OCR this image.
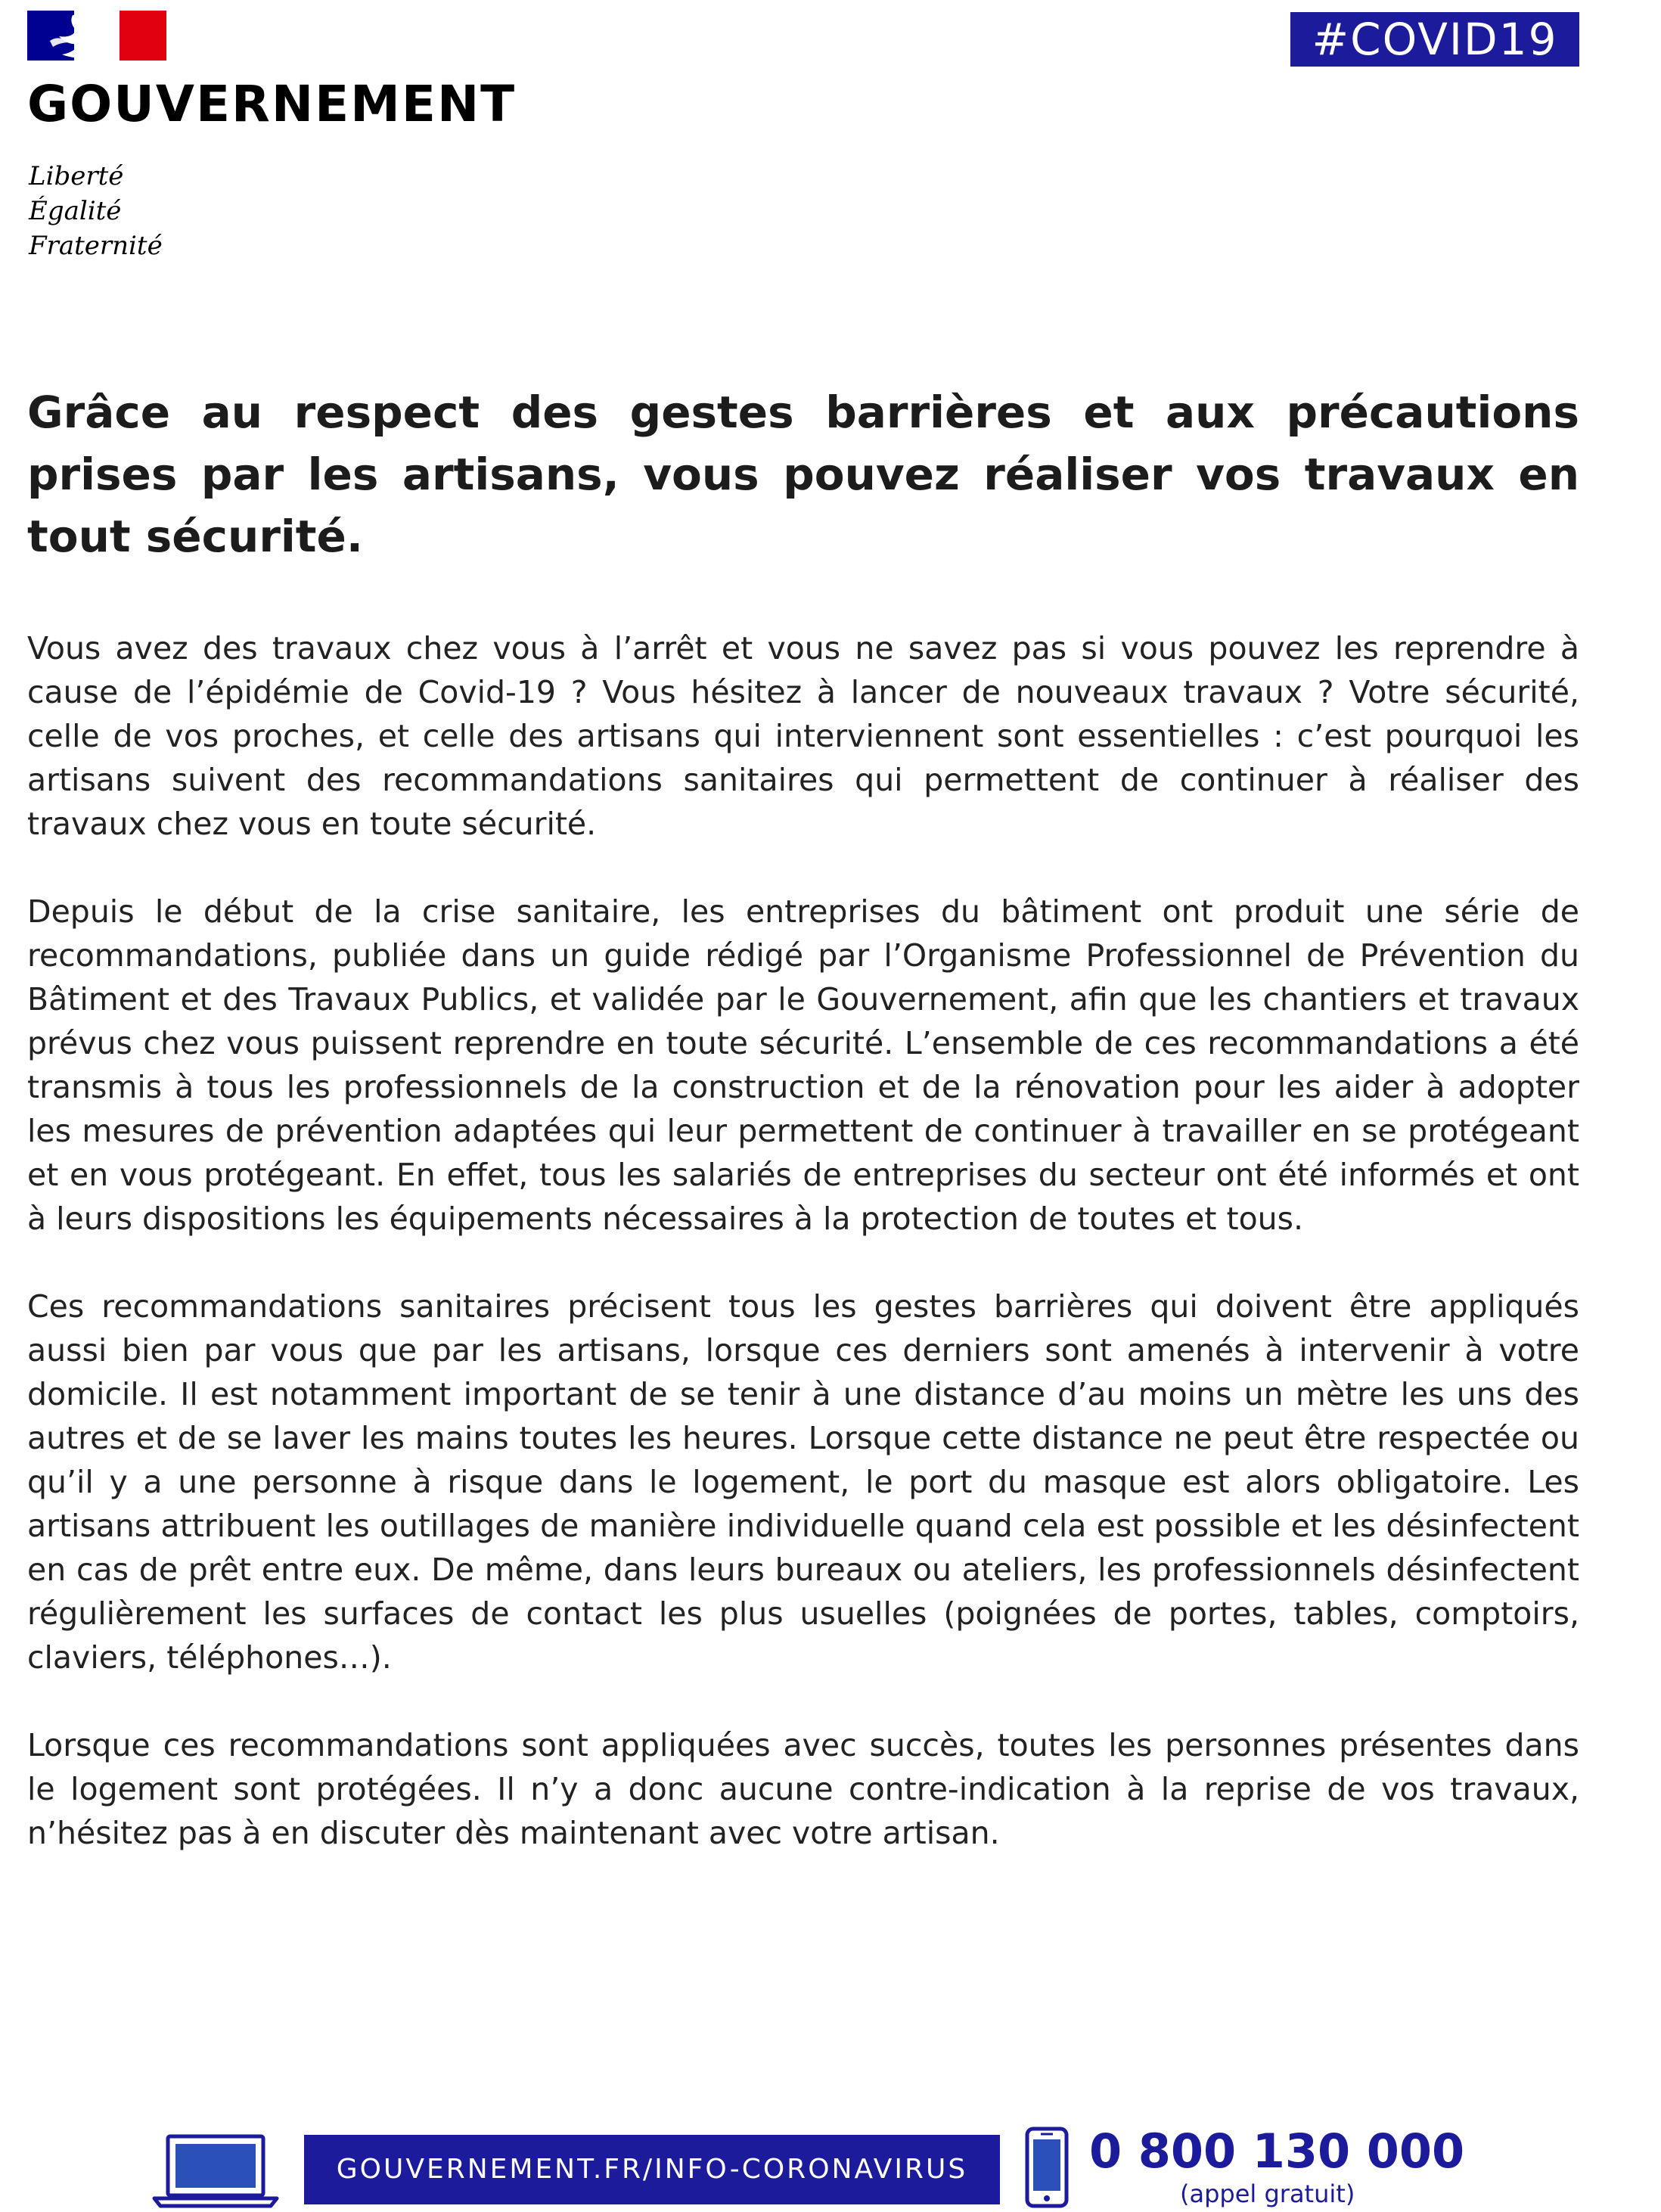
GOUVERNEMENT
Liberté
Égalité
Fraternité
#COVID19
Grâce au respect des gestes barrières et aux précautions prises par les artisans, vous pouvez réaliser vos travaux en tout sécurité.

Vous avez des travaux chez vous à l’arrêt et vous ne savez pas si vous pouvez les reprendre à cause de l’épidémie de Covid-19 ? Vous hésitez à lancer de nouveaux travaux ? Votre sécurité, celle de vos proches, et celle des artisans qui interviennent sont essentielles : c’est pourquoi les artisans suivent des recommandations sanitaires qui permettent de continuer à réaliser des travaux chez vous en toute sécurité.

Depuis le début de la crise sanitaire, les entreprises du bâtiment ont produit une série de recommandations, publiée dans un guide rédigé par l’Organisme Professionnel de Prévention du Bâtiment et des Travaux Publics, et validée par le Gouvernement, afin que les chantiers et travaux prévus chez vous puissent reprendre en toute sécurité. L’ensemble de ces recommandations a été transmis à tous les professionnels de la construction et de la rénovation pour les aider à adopter les mesures de prévention adaptées qui leur permettent de continuer à travailler en se protégeant et en vous protégeant. En effet, tous les salariés de entreprises du secteur ont été informés et ont à leurs dispositions les équipements nécessaires à la protection de toutes et tous.

Ces recommandations sanitaires précisent tous les gestes barrières qui doivent être appliqués aussi bien par vous que par les artisans, lorsque ces derniers sont amenés à intervenir à votre domicile. Il est notamment important de se tenir à une distance d’au moins un mètre les uns des autres et de se laver les mains toutes les heures. Lorsque cette distance ne peut être respectée ou qu’il y a une personne à risque dans le logement, le port du masque est alors obligatoire. Les artisans attribuent les outillages de manière individuelle quand cela est possible et les désinfectent en cas de prêt entre eux. De même, dans leurs bureaux ou ateliers, les professionnels désinfectent régulièrement les surfaces de contact les plus usuelles (poignées de portes, tables, comptoirs, claviers, téléphones…).

Lorsque ces recommandations sont appliquées avec succès, toutes les personnes présentes dans le logement sont protégées. Il n’y a donc aucune contre-indication à la reprise de vos travaux, n’hésitez pas à en discuter dès maintenant avec votre artisan.

GOUVERNEMENT.FR/INFO-CORONAVIRUS	0 800 130 000
(appel gratuit)
